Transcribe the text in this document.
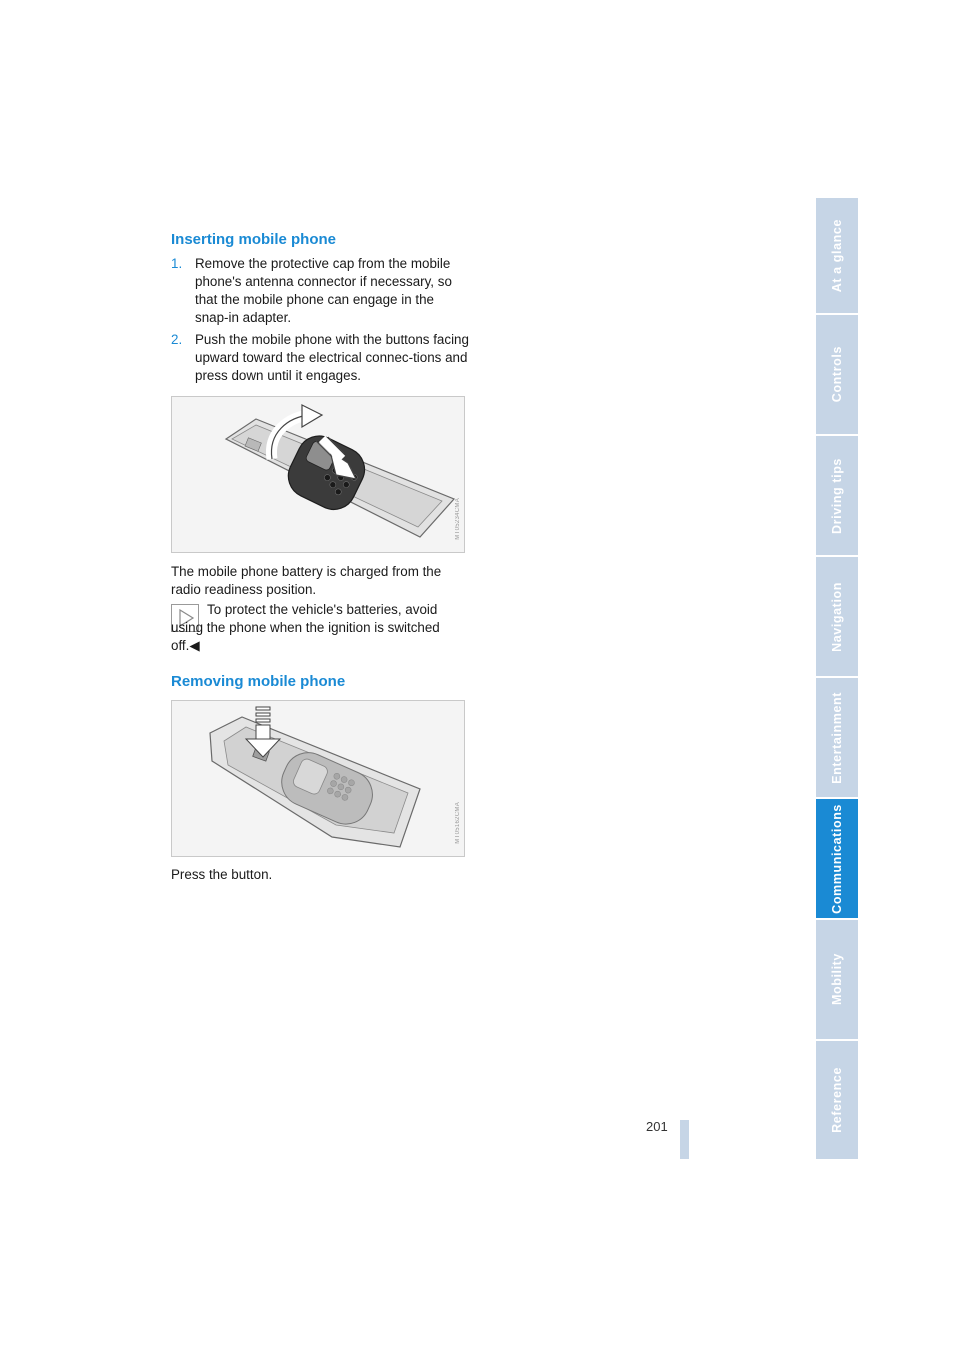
Inserting mobile phone
1. Remove the protective cap from the mobile phone's antenna connector if necessary, so that the mobile phone can engage in the snap-in adapter.
2. Push the mobile phone with the buttons facing upward toward the electrical connec-tions and press down until it engages.
MT05234CMA

The mobile phone battery is charged from the radio readiness position.

To protect the vehicle's batteries, avoid using the phone when the ignition is switched off.◀

Removing mobile phone
MT05162CMA

Press the button.

201
At a glance
Controls
Driving tips
Navigation
Entertainment
Communications
Mobility
Reference
